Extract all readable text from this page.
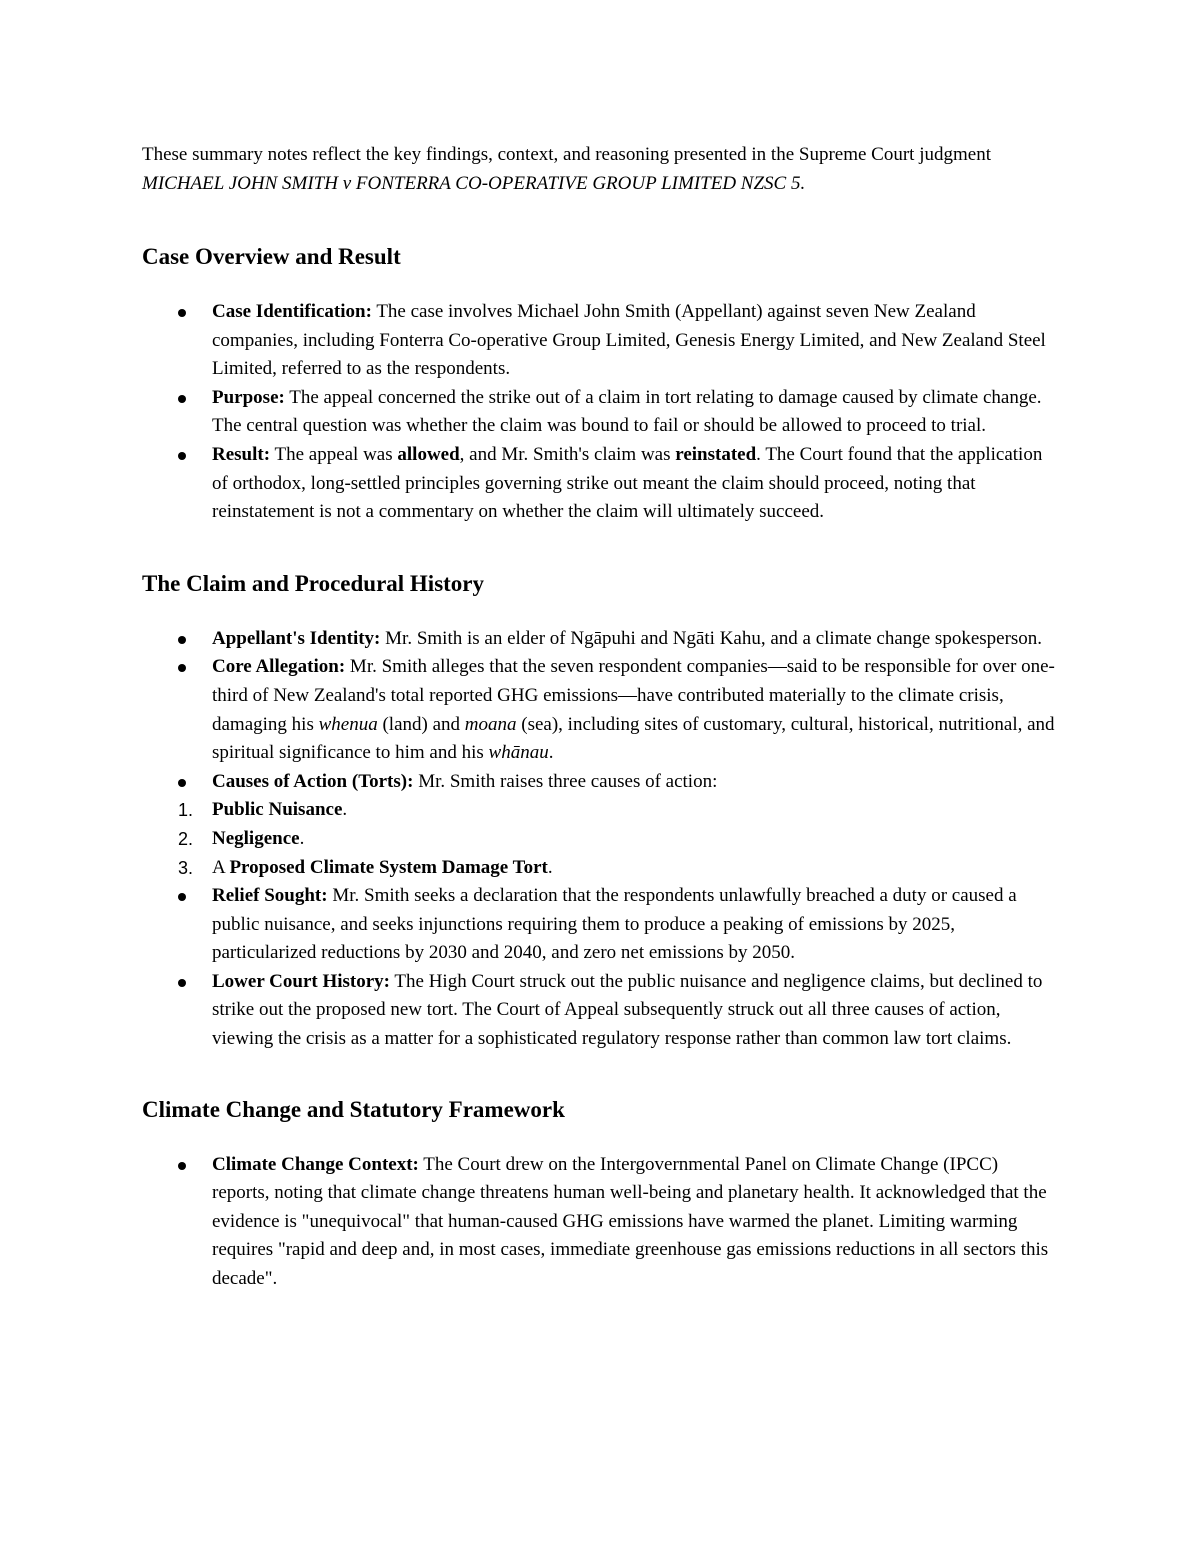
These summary notes reflect the key findings, context, and reasoning presented in the Supreme Court judgment MICHAEL JOHN SMITH v FONTERRA CO-OPERATIVE GROUP LIMITED NZSC 5.

Case Overview and Result
Case Identification: The case involves Michael John Smith (Appellant) against seven New Zealand companies, including Fonterra Co-operative Group Limited, Genesis Energy Limited, and New Zealand Steel Limited, referred to as the respondents.
Purpose: The appeal concerned the strike out of a claim in tort relating to damage caused by climate change. The central question was whether the claim was bound to fail or should be allowed to proceed to trial.
Result: The appeal was allowed, and Mr. Smith's claim was reinstated. The Court found that the application of orthodox, long-settled principles governing strike out meant the claim should proceed, noting that reinstatement is not a commentary on whether the claim will ultimately succeed.
The Claim and Procedural History
Appellant's Identity: Mr. Smith is an elder of Ngāpuhi and Ngāti Kahu, and a climate change spokesperson.
Core Allegation: Mr. Smith alleges that the seven respondent companies—said to be responsible for over one-third of New Zealand's total reported GHG emissions—have contributed materially to the climate crisis, damaging his whenua (land) and moana (sea), including sites of customary, cultural, historical, nutritional, and spiritual significance to him and his whānau.
Causes of Action (Torts): Mr. Smith raises three causes of action:
1. Public Nuisance.
2. Negligence.
3. A Proposed Climate System Damage Tort.
Relief Sought: Mr. Smith seeks a declaration that the respondents unlawfully breached a duty or caused a public nuisance, and seeks injunctions requiring them to produce a peaking of emissions by 2025, particularized reductions by 2030 and 2040, and zero net emissions by 2050.
Lower Court History: The High Court struck out the public nuisance and negligence claims, but declined to strike out the proposed new tort. The Court of Appeal subsequently struck out all three causes of action, viewing the crisis as a matter for a sophisticated regulatory response rather than common law tort claims.
Climate Change and Statutory Framework
Climate Change Context: The Court drew on the Intergovernmental Panel on Climate Change (IPCC) reports, noting that climate change threatens human well-being and planetary health. It acknowledged that the evidence is "unequivocal" that human-caused GHG emissions have warmed the planet. Limiting warming requires "rapid and deep and, in most cases, immediate greenhouse gas emissions reductions in all sectors this decade".
